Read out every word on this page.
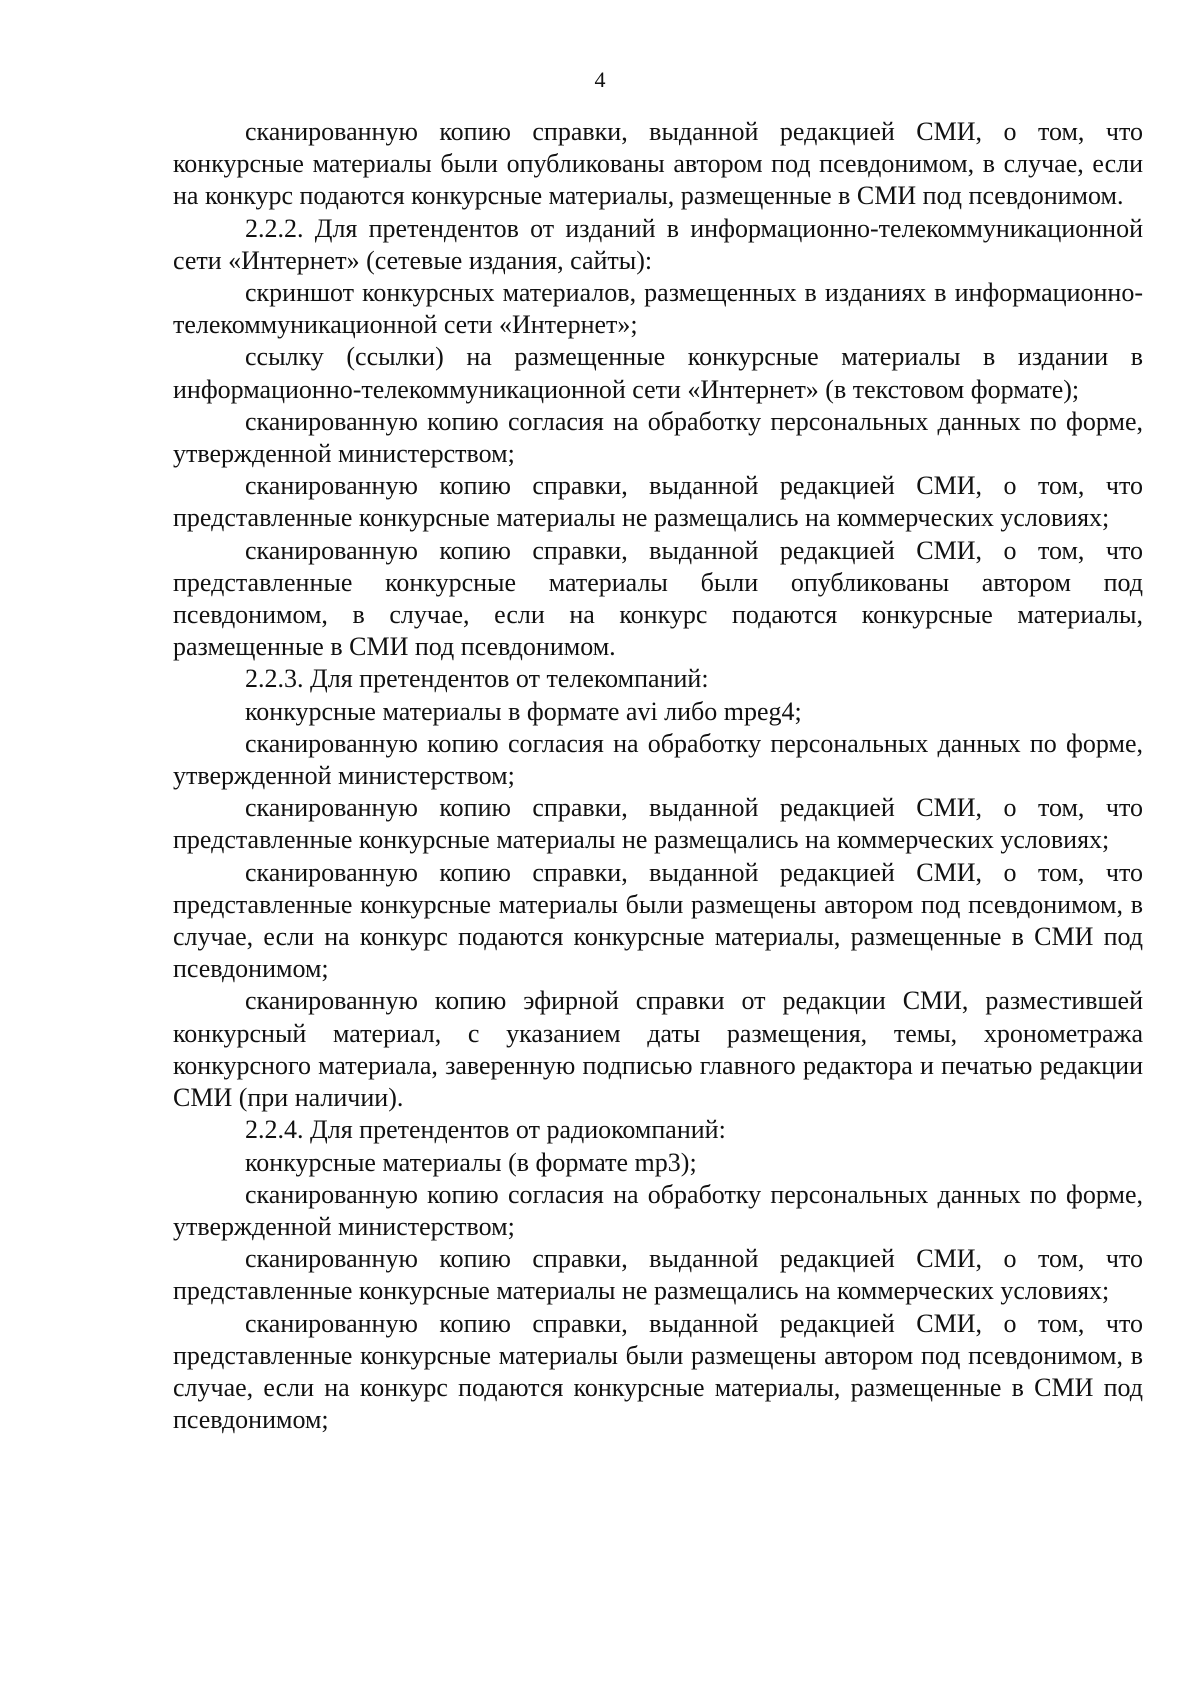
4

сканированную копию справки, выданной редакцией СМИ, о том, что конкурсные материалы были опубликованы автором под псевдонимом, в случае, если на конкурс подаются конкурсные материалы, размещенные в СМИ под псевдонимом.

2.2.2. Для претендентов от изданий в информационно-телекоммуникационной сети «Интернет» (сетевые издания, сайты):

скриншот конкурсных материалов, размещенных в изданиях в информационно-телекоммуникационной сети «Интернет»;

ссылку (ссылки) на размещенные конкурсные материалы в издании в информационно-телекоммуникационной сети «Интернет» (в текстовом формате);

сканированную копию согласия на обработку персональных данных по форме, утвержденной министерством;

сканированную копию справки, выданной редакцией СМИ, о том, что представленные конкурсные материалы не размещались на коммерческих условиях;

сканированную копию справки, выданной редакцией СМИ, о том, что представленные конкурсные материалы были опубликованы автором под псевдонимом, в случае, если на конкурс подаются конкурсные материалы, размещенные в СМИ под псевдонимом.

2.2.3. Для претендентов от телекомпаний:

конкурсные материалы в формате avi либо mpeg4;

сканированную копию согласия на обработку персональных данных по форме, утвержденной министерством;

сканированную копию справки, выданной редакцией СМИ, о том, что представленные конкурсные материалы не размещались на коммерческих условиях;

сканированную копию справки, выданной редакцией СМИ, о том, что представленные конкурсные материалы были размещены автором под псевдонимом, в случае, если на конкурс подаются конкурсные материалы, размещенные в СМИ под псевдонимом;

сканированную копию эфирной справки от редакции СМИ, разместившей конкурсный материал, с указанием даты размещения, темы, хронометража конкурсного материала, заверенную подписью главного редактора и печатью редакции СМИ (при наличии).

2.2.4. Для претендентов от радиокомпаний:

конкурсные материалы (в формате mp3);

сканированную копию согласия на обработку персональных данных по форме, утвержденной министерством;

сканированную копию справки, выданной редакцией СМИ, о том, что представленные конкурсные материалы не размещались на коммерческих условиях;

сканированную копию справки, выданной редакцией СМИ, о том, что представленные конкурсные материалы были размещены автором под псевдонимом, в случае, если на конкурс подаются конкурсные материалы, размещенные в СМИ под псевдонимом;
